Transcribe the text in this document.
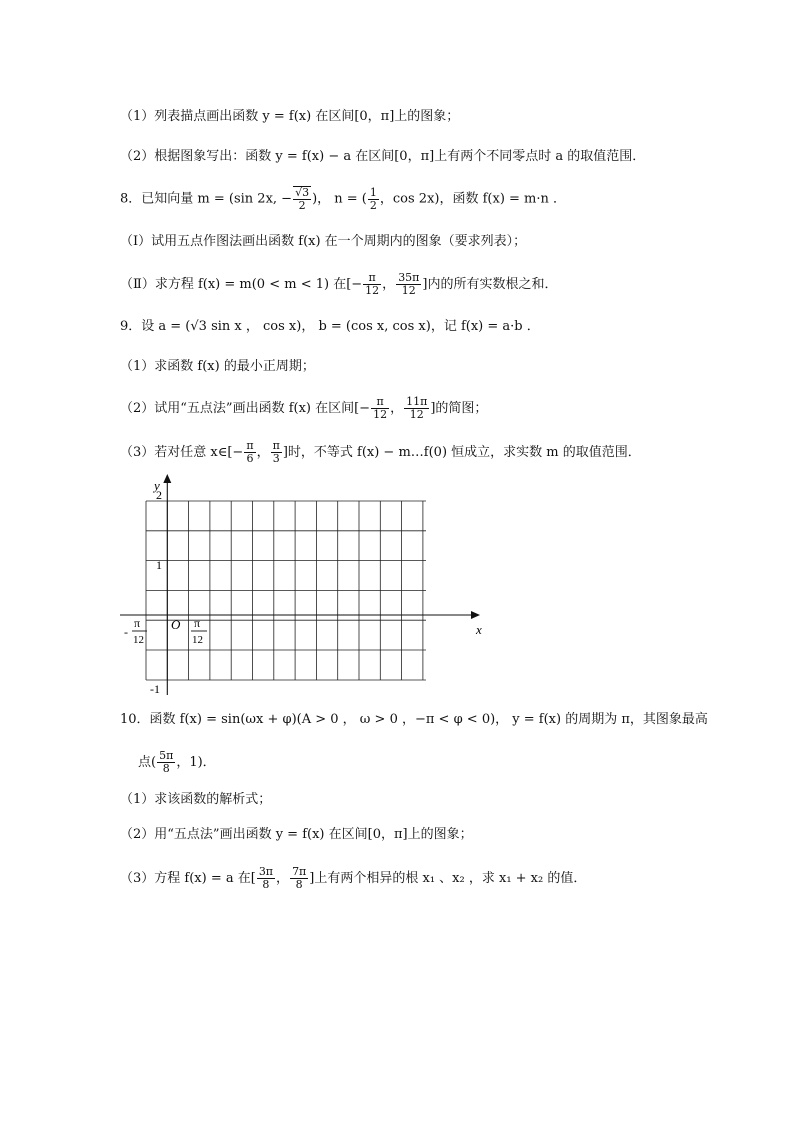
（1）列表描点画出函数 y = f(x) 在区间[0，π]上的图象；
（2）根据图象写出：函数 y = f(x) − a 在区间[0，π]上有两个不同零点时 a 的取值范围．
8．已知向量 m = (sin 2x, − $\frac{√3}{2}$ )， n = ( $\frac{1}{2}$ ，cos 2x)，函数 f(x) = m·n ．
（Ⅰ）试用五点作图法画出函数 f(x) 在一个周期内的图象（要求列表）；
（Ⅱ）求方程 f(x) = m(0 < m < 1) 在[− $\frac{\pi}{12}$ ， $\frac{35\pi}{12}$ ]内的所有实数根之和．
9．设 a = (√3 sin x ， cos x)， b = (cos x, cos x)，记 f(x) = a·b ．
（1）求函数 f(x) 的最小正周期；
（2）试用“五点法”画出函数 f(x) 在区间[− $\frac{\pi}{12}$ ， $\frac{11\pi}{12}$ ]的简图；
（3）若对任意 x∈[− $\frac{\pi}{6}$ ， $\frac{\pi}{3}$ ]时，不等式 f(x) − m…f(0) 恒成立，求实数 m 的取值范围．
y
x
2
1
-1
O
-
π
12
π
12
10．函数 f(x) = sin(ωx + φ)(A > 0 ， ω > 0 ，−π < φ < 0)， y = f(x) 的周期为 π，其图象最高
点( $\frac{5\pi}{8}$ ，1)．
（1）求该函数的解析式；
（2）用“五点法”画出函数 y = f(x) 在区间[0，π]上的图象；
（3）方程 f(x) = a 在[ $\frac{3\pi}{8}$ ， $\frac{7\pi}{8}$ ]上有两个相异的根 x₁ 、x₂ ，求 x₁ + x₂ 的值．
